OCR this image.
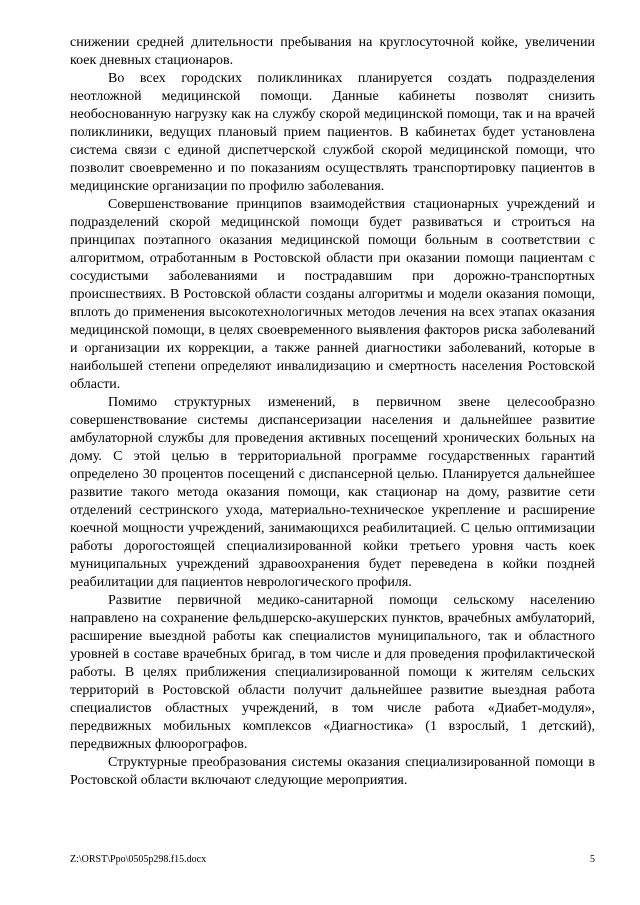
снижении средней длительности пребывания на круглосуточной койке, увеличении коек дневных стационаров.

Во всех городских поликлиниках планируется создать подразделения неотложной медицинской помощи. Данные кабинеты позволят снизить необоснованную нагрузку как на службу скорой медицинской помощи, так и на врачей поликлиники, ведущих плановый прием пациентов. В кабинетах будет установлена система связи с единой диспетчерской службой скорой медицинской помощи, что позволит своевременно и по показаниям осуществлять транспортировку пациентов в медицинские организации по профилю заболевания.

Совершенствование принципов взаимодействия стационарных учреждений и подразделений скорой медицинской помощи будет развиваться и строиться на принципах поэтапного оказания медицинской помощи больным в соответствии с алгоритмом, отработанным в Ростовской области при оказании помощи пациентам с сосудистыми заболеваниями и пострадавшим при дорожно-транспортных происшествиях. В Ростовской области созданы алгоритмы и модели оказания помощи, вплоть до применения высокотехнологичных методов лечения на всех этапах оказания медицинской помощи, в целях своевременного выявления факторов риска заболеваний и организации их коррекции, а также ранней диагностики заболеваний, которые в наибольшей степени определяют инвалидизацию и смертность населения Ростовской области.

Помимо структурных изменений, в первичном звене целесообразно совершенствование системы диспансеризации населения и дальнейшее развитие амбулаторной службы для проведения активных посещений хронических больных на дому. С этой целью в территориальной программе государственных гарантий определено 30 процентов посещений с диспансерной целью. Планируется дальнейшее развитие такого метода оказания помощи, как стационар на дому, развитие сети отделений сестринского ухода, материально-техническое укрепление и расширение коечной мощности учреждений, занимающихся реабилитацией. С целью оптимизации работы дорогостоящей специализированной койки третьего уровня часть коек муниципальных учреждений здравоохранения будет переведена в койки поздней реабилитации для пациентов неврологического профиля.

Развитие первичной медико-санитарной помощи сельскому населению направлено на сохранение фельдшерско-акушерских пунктов, врачебных амбулаторий, расширение выездной работы как специалистов муниципального, так и областного уровней в составе врачебных бригад, в том числе и для проведения профилактической работы. В целях приближения специализированной помощи к жителям сельских территорий в Ростовской области получит дальнейшее развитие выездная работа специалистов областных учреждений, в том числе работа «Диабет-модуля», передвижных мобильных комплексов «Диагностика» (1 взрослый, 1 детский), передвижных флюорографов.

Структурные преобразования системы оказания специализированной помощи в Ростовской области включают следующие мероприятия.

Z:\ORST\Ppo\0505p298.f15.docx	5
